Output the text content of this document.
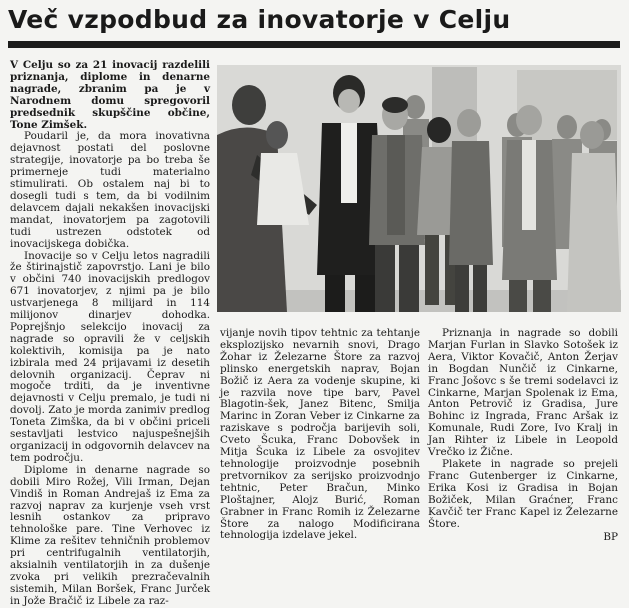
Več vzpodbud za inovatorje v Celju

V Celju so za 21 inovacij razdelili priznanja, diplome in denarne nagrade, zbranim pa je v Narodnem domu spregovoril predsednik skupščine občine, Tone Zimšek.

Poudaril je, da mora inovativna dejavnost postati del poslovne strategije, inovatorje pa bo treba še primerneje tudi materialno stimulirati. Ob ostalem naj bi to dosegli tudi s tem, da bi vodilnim delavcem dajali nekakšen inovacijski mandat, inovatorjem pa zagotovili tudi ustrezen odstotek od inovacijskega dobička.

Inovacije so v Celju letos nagradili že štirinajstič zapovrstjo. Lani je bilo v občini 740 inovacijskih predlogov 671 inovatorjev, z njimi pa je bilo ustvarjenega 8 milijard in 114 milijonov dinarjev dohodka. Poprejšnjo selekcijo inovacij za nagrade so opravili že v celjskih kolektivih, komisija pa je nato izbirala med 24 prijavami iz desetih delovnih organizacij. Čeprav ni mogoče trditi, da je inventivne dejavnosti v Celju premalo, je tudi ni dovolj. Zato je morda zanimiv predlog Toneta Zimška, da bi v občini priceli sestavljati lestvico najuspešnejših organizacij in odgovornih delavcev na tem področju.

Diplome in denarne nagrade so dobili Miro Rožej, Vili Irman, Dejan Vindiš in Roman Andrejaš iz Ema za razvoj naprav za kurjenje vseh vrst lesnih ostankov za pripravo tehnološke pare. Tine Verhovec iz Klime za rešitev tehničnih problemov pri centrifugalnih ventilatorjih, aksialnih ventilatorjih in za dušenje zvoka pri velikih prezračevalnih sistemih, Milan Boršek, Franc Jurček in Jože Bračič iz Libele za raz-

vijanje novih tipov tehtnic za tehtanje eksplozijsko nevarnih snovi, Drago Žohar iz Železarne Štore za razvoj plinsko energetskih naprav, Bojan Božič iz Aera za vodenje skupine, ki je razvila nove tipe barv, Pavel Blagotin-šek, Janez Bitenc, Smilja Marinc in Zoran Veber iz Cinkarne za raziskave s področja barijevih soli, Cveto Šcuka, Franc Dobovšek in Mitja Šcuka iz Libele za osvojitev tehnologije proizvodnje posebnih pretvornikov za serijsko proizvodnjo tehtnic, Peter Bračun, Minko Ploštajner, Alojz Burić, Roman Grabner in Franc Romih iz Železarne Štore za nalogo Modificirana tehnologija izdelave jekel.

Priznanja in nagrade so dobili Marjan Furlan in Slavko Sotošek iz Aera, Viktor Kovačič, Anton Žerjav in Bogdan Nunčič iz Cinkarne, Franc Jošovc s še tremi sodelavci iz Cinkarne, Marjan Spolenak iz Ema, Anton Petrovič iz Gradisa, Jure Bohinc iz Ingrada, Franc Aršak iz Komunale, Rudi Zore, Ivo Kralj in Jan Rihter iz Libele in Leopold Vrečko iz Žične.

Plakete in nagrade so prejeli Franc Gutenberger iz Cinkarne, Erika Kosi iz Gradisa in Bojan Božiček, Milan Graćner, Franc Kavčič ter Franc Kapel iz Železarne Štore.

BP
